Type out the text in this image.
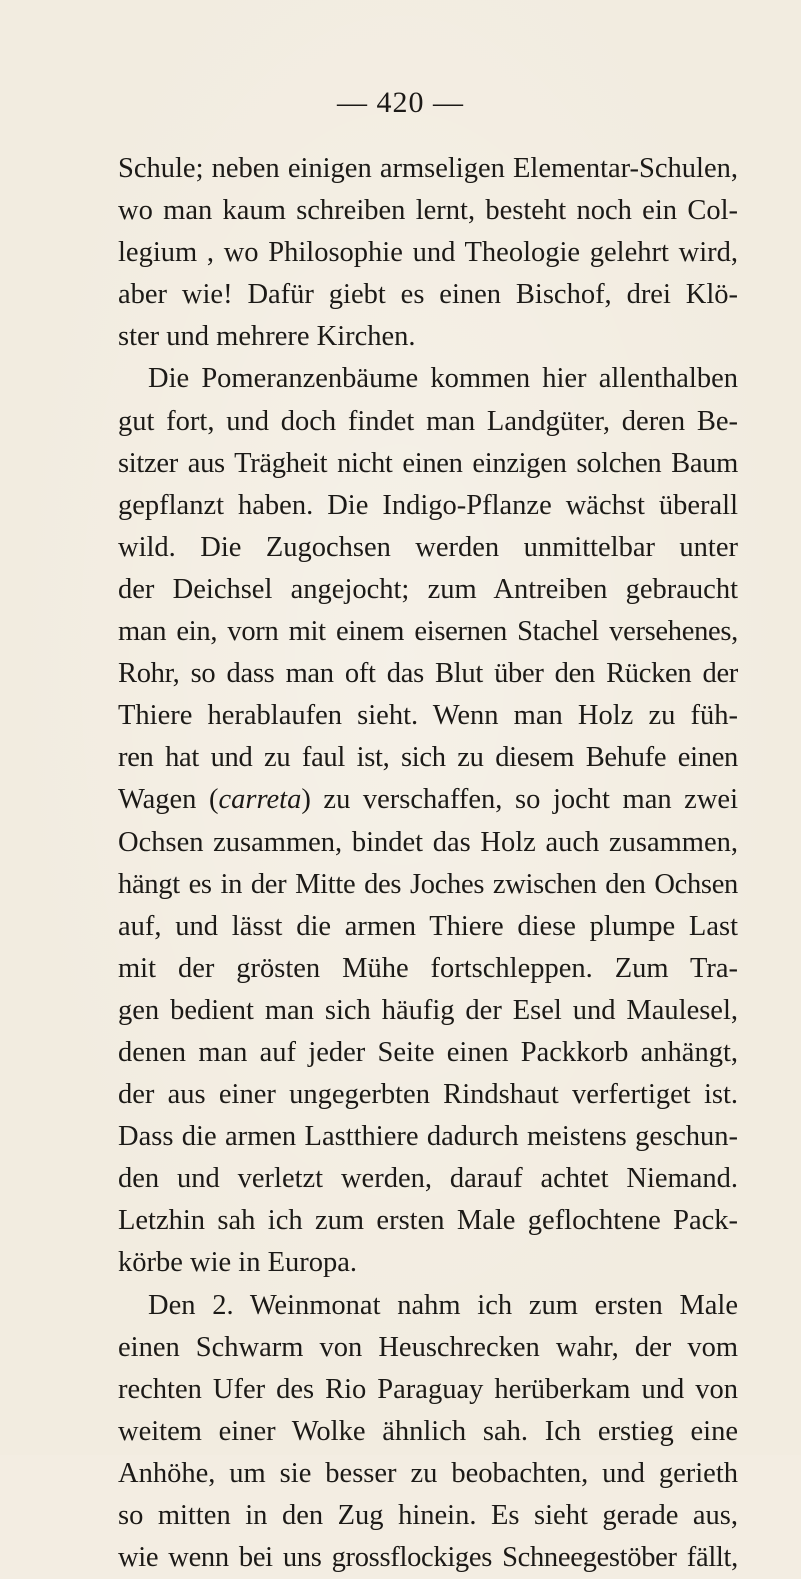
— 420 —
Schule; neben einigen armseligen Elementar-Schulen,
wo man kaum schreiben lernt, besteht noch ein Col-
legium , wo Philosophie und Theologie gelehrt wird,
aber wie! Dafür giebt es einen Bischof, drei Klö-
ster und mehrere Kirchen.
Die Pomeranzenbäume kommen hier allenthalben
gut fort, und doch findet man Landgüter, deren Be-
sitzer aus Trägheit nicht einen einzigen solchen Baum
gepflanzt haben. Die Indigo-Pflanze wächst überall
wild. Die Zugochsen werden unmittelbar unter
der Deichsel angejocht; zum Antreiben gebraucht
man ein, vorn mit einem eisernen Stachel versehenes,
Rohr, so dass man oft das Blut über den Rücken der
Thiere herablaufen sieht. Wenn man Holz zu füh-
ren hat und zu faul ist, sich zu diesem Behufe einen
Wagen (carreta) zu verschaffen, so jocht man zwei
Ochsen zusammen, bindet das Holz auch zusammen,
hängt es in der Mitte des Joches zwischen den Ochsen
auf, und lässt die armen Thiere diese plumpe Last
mit der grösten Mühe fortschleppen. Zum Tra-
gen bedient man sich häufig der Esel und Maulesel,
denen man auf jeder Seite einen Packkorb anhängt,
der aus einer ungegerbten Rindshaut verfertiget ist.
Dass die armen Lastthiere dadurch meistens geschun-
den und verletzt werden, darauf achtet Niemand.
Letzhin sah ich zum ersten Male geflochtene Pack-
körbe wie in Europa.
Den 2. Weinmonat nahm ich zum ersten Male
einen Schwarm von Heuschrecken wahr, der vom
rechten Ufer des Rio Paraguay herüberkam und von
weitem einer Wolke ähnlich sah. Ich erstieg eine
Anhöhe, um sie besser zu beobachten, und gerieth
so mitten in den Zug hinein. Es sieht gerade aus,
wie wenn bei uns grossflockiges Schneegestöber fällt,
